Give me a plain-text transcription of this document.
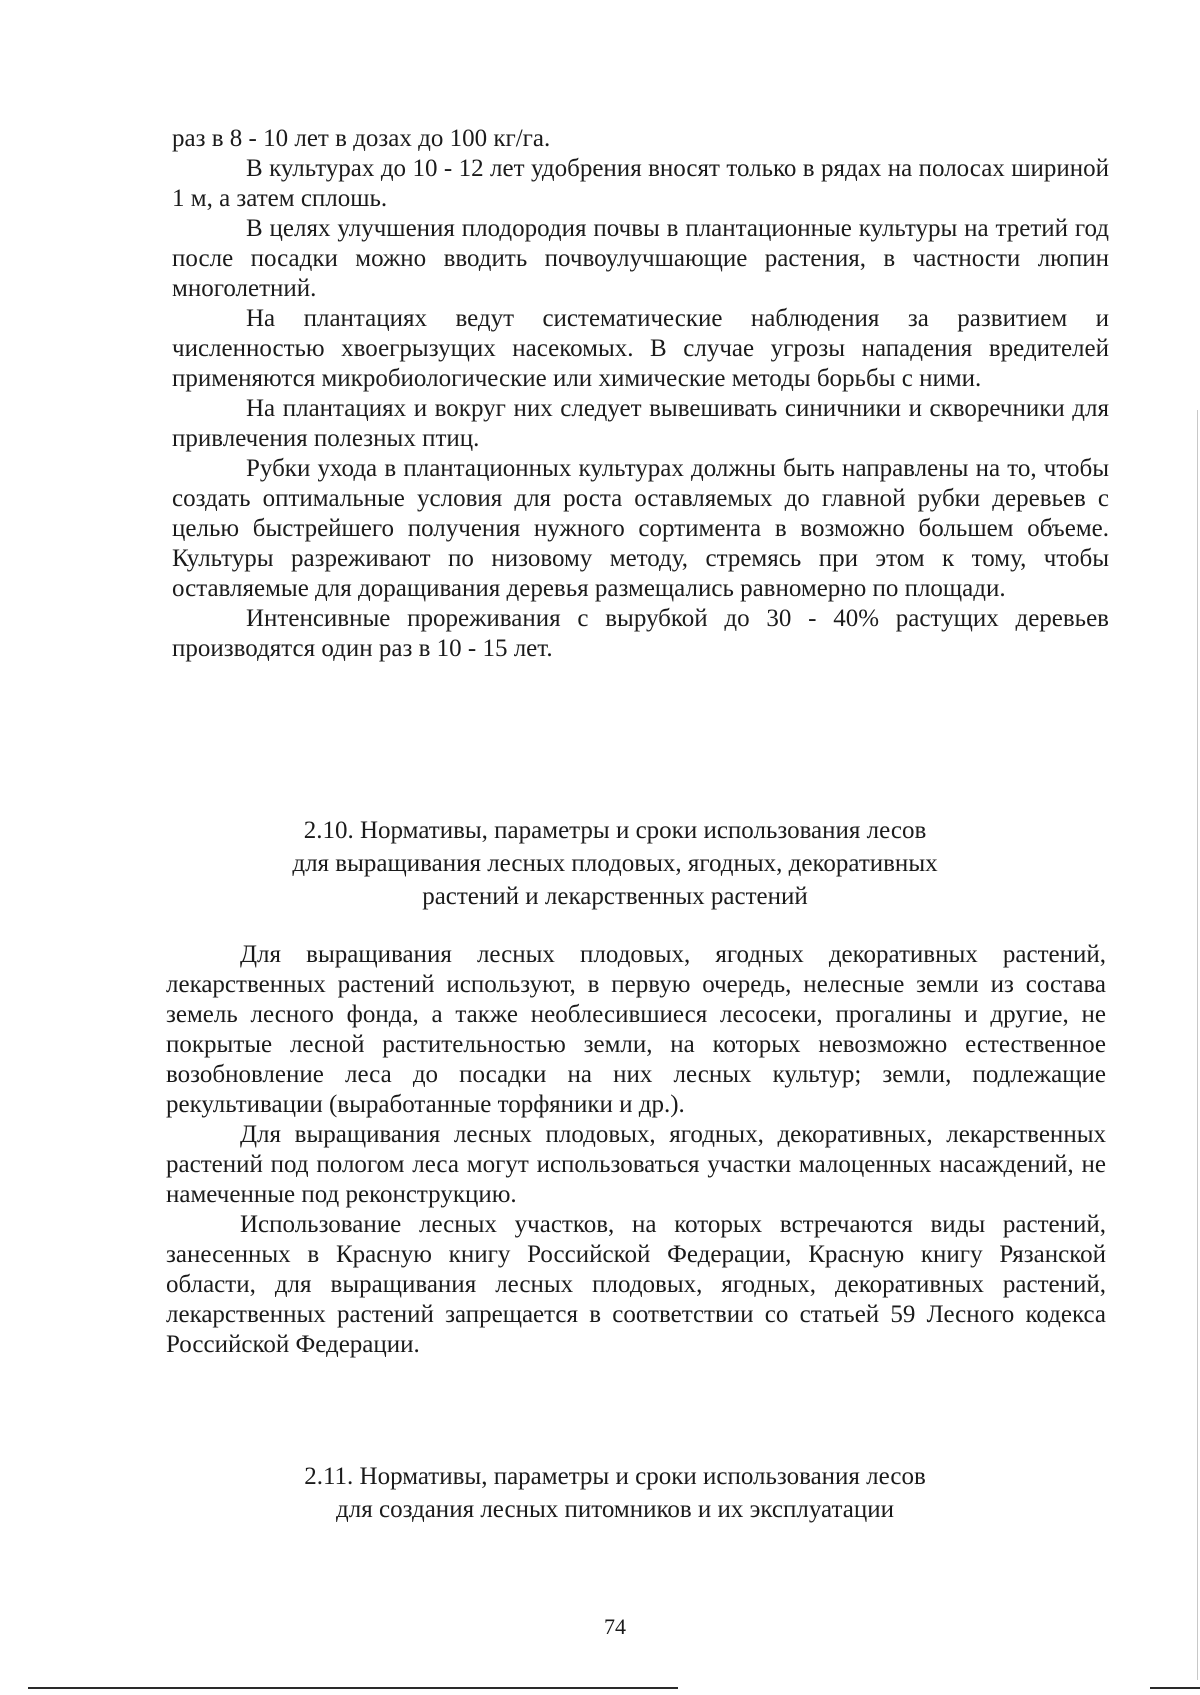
раз в 8 - 10 лет в дозах до 100 кг/га.

В культурах до 10 - 12 лет удобрения вносят только в рядах на полосах шириной 1 м, а затем сплошь.

В целях улучшения плодородия почвы в плантационные культуры на третий год после посадки можно вводить почвоулучшающие растения, в частности люпин многолетний.

На плантациях ведут систематические наблюдения за развитием и численностью хвоегрызущих насекомых. В случае угрозы нападения вредителей применяются микробиологические или химические методы борьбы с ними.

На плантациях и вокруг них следует вывешивать синичники и скворечники для привлечения полезных птиц.

Рубки ухода в плантационных культурах должны быть направлены на то, чтобы создать оптимальные условия для роста оставляемых до главной рубки деревьев с целью быстрейшего получения нужного сортимента в возможно большем объеме. Культуры разреживают по низовому методу, стремясь при этом к тому, чтобы оставляемые для доращивания деревья размещались равномерно по площади.

Интенсивные прореживания с вырубкой до 30 - 40% растущих деревьев производятся один раз в 10 - 15 лет.

2.10. Нормативы, параметры и сроки использования лесов
для выращивания лесных плодовых, ягодных, декоративных
растений и лекарственных растений

Для выращивания лесных плодовых, ягодных декоративных растений, лекарственных растений используют, в первую очередь, нелесные земли из состава земель лесного фонда, а также необлесившиеся лесосеки, прогалины и другие, не покрытые лесной растительностью земли, на которых невозможно естественное возобновление леса до посадки на них лесных культур; земли, подлежащие рекультивации (выработанные торфяники и др.).

Для выращивания лесных плодовых, ягодных, декоративных, лекарственных растений под пологом леса могут использоваться участки малоценных насаждений, не намеченные под реконструкцию.

Использование лесных участков, на которых встречаются виды растений, занесенных в Красную книгу Российской Федерации, Красную книгу Рязанской области, для выращивания лесных плодовых, ягодных, декоративных растений, лекарственных растений запрещается в соответствии со статьей 59 Лесного кодекса Российской Федерации.

2.11. Нормативы, параметры и сроки использования лесов
для создания лесных питомников и их эксплуатации
74
